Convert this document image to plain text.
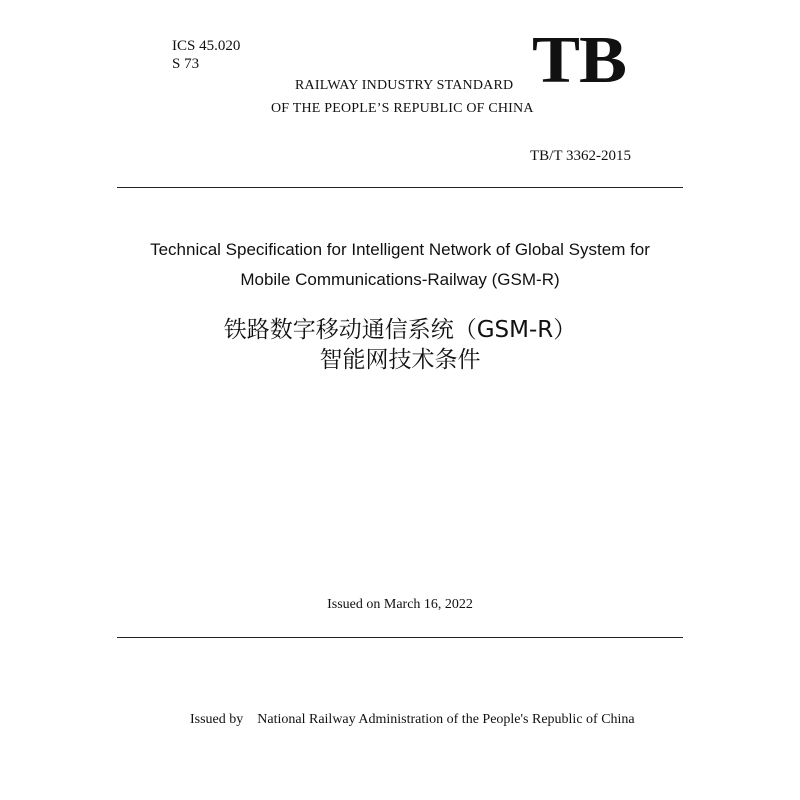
ICS 45.020
S 73	TB
RAILWAY INDUSTRY STANDARD
OF THE PEOPLE’S REPUBLIC OF CHINA
TB/T 3362-2015
Technical Specification for Intelligent Network of Global System for
Mobile Communications-Railway (GSM-R)
铁路数字移动通信系统（GSM-R）
智能网技术条件
Issued on March 16, 2022
Issued by National Railway Administration of the People's Republic of China
